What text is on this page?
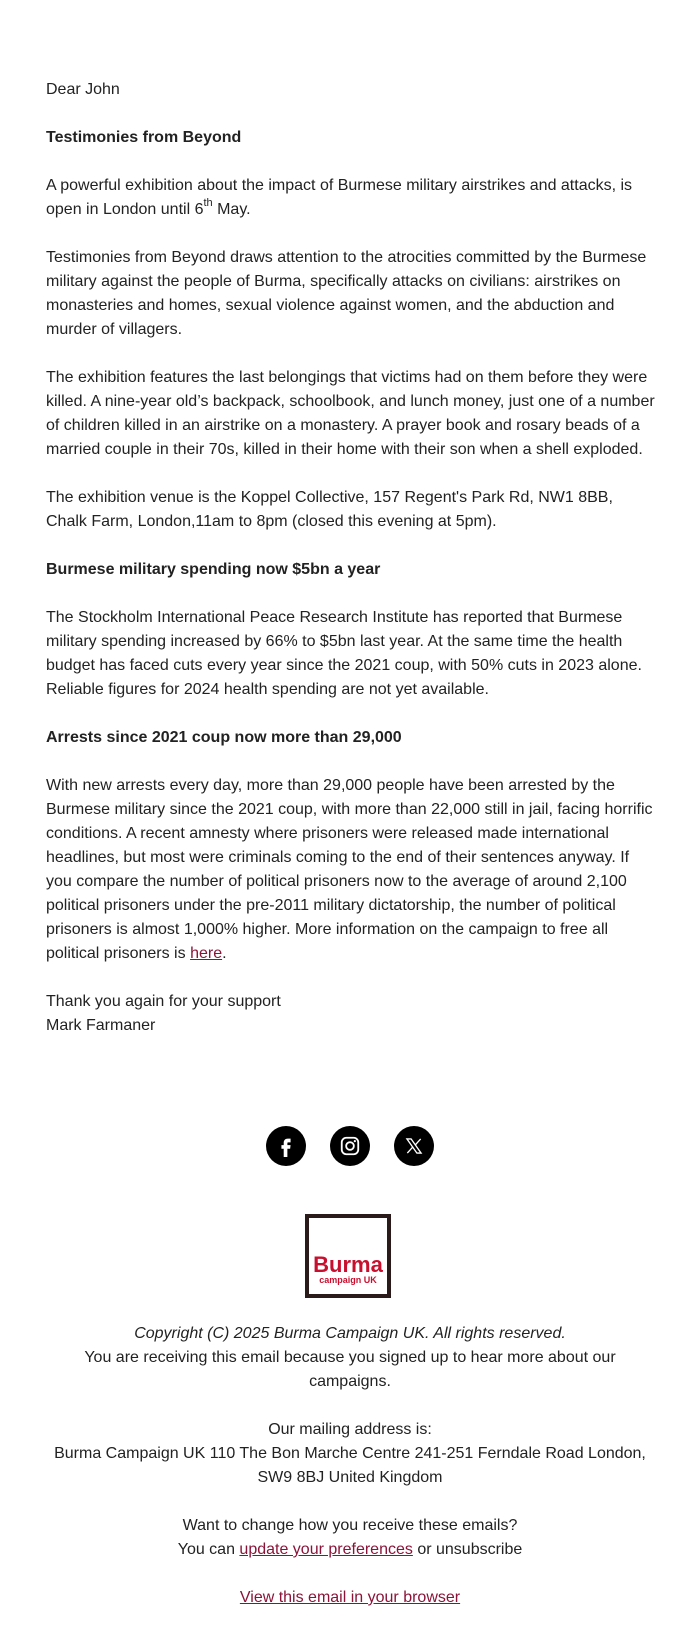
Dear John

Testimonies from Beyond

A powerful exhibition about the impact of Burmese military airstrikes and attacks, is open in London until 6th May.

Testimonies from Beyond draws attention to the atrocities committed by the Burmese military against the people of Burma, specifically attacks on civilians: airstrikes on monasteries and homes, sexual violence against women, and the abduction and murder of villagers.

The exhibition features the last belongings that victims had on them before they were killed. A nine-year old’s backpack, schoolbook, and lunch money, just one of a number of children killed in an airstrike on a monastery. A prayer book and rosary beads of a married couple in their 70s, killed in their home with their son when a shell exploded.

The exhibition venue is the Koppel Collective, 157 Regent's Park Rd, NW1 8BB, Chalk Farm, London,11am to 8pm (closed this evening at 5pm).

Burmese military spending now $5bn a year

The Stockholm International Peace Research Institute has reported that Burmese military spending increased by 66% to $5bn last year. At the same time the health budget has faced cuts every year since the 2021 coup, with 50% cuts in 2023 alone. Reliable figures for 2024 health spending are not yet available.

Arrests since 2021 coup now more than 29,000

With new arrests every day, more than 29,000 people have been arrested by the Burmese military since the 2021 coup, with more than 22,000 still in jail, facing horrific conditions. A recent amnesty where prisoners were released made international headlines, but most were criminals coming to the end of their sentences anyway. If you compare the number of political prisoners now to the average of around 2,100 political prisoners under the pre-2011 military dictatorship, the number of political prisoners is almost 1,000% higher. More information on the campaign to free all political prisoners is here.

Thank you again for your support
Mark Farmaner

Burma
campaign UK

Copyright (C) 2025 Burma Campaign UK. All rights reserved.
You are receiving this email because you signed up to hear more about our campaigns.

Our mailing address is:
Burma Campaign UK 110 The Bon Marche Centre 241-251 Ferndale Road London, SW9 8BJ United Kingdom

Want to change how you receive these emails?
You can update your preferences or unsubscribe

View this email in your browser
